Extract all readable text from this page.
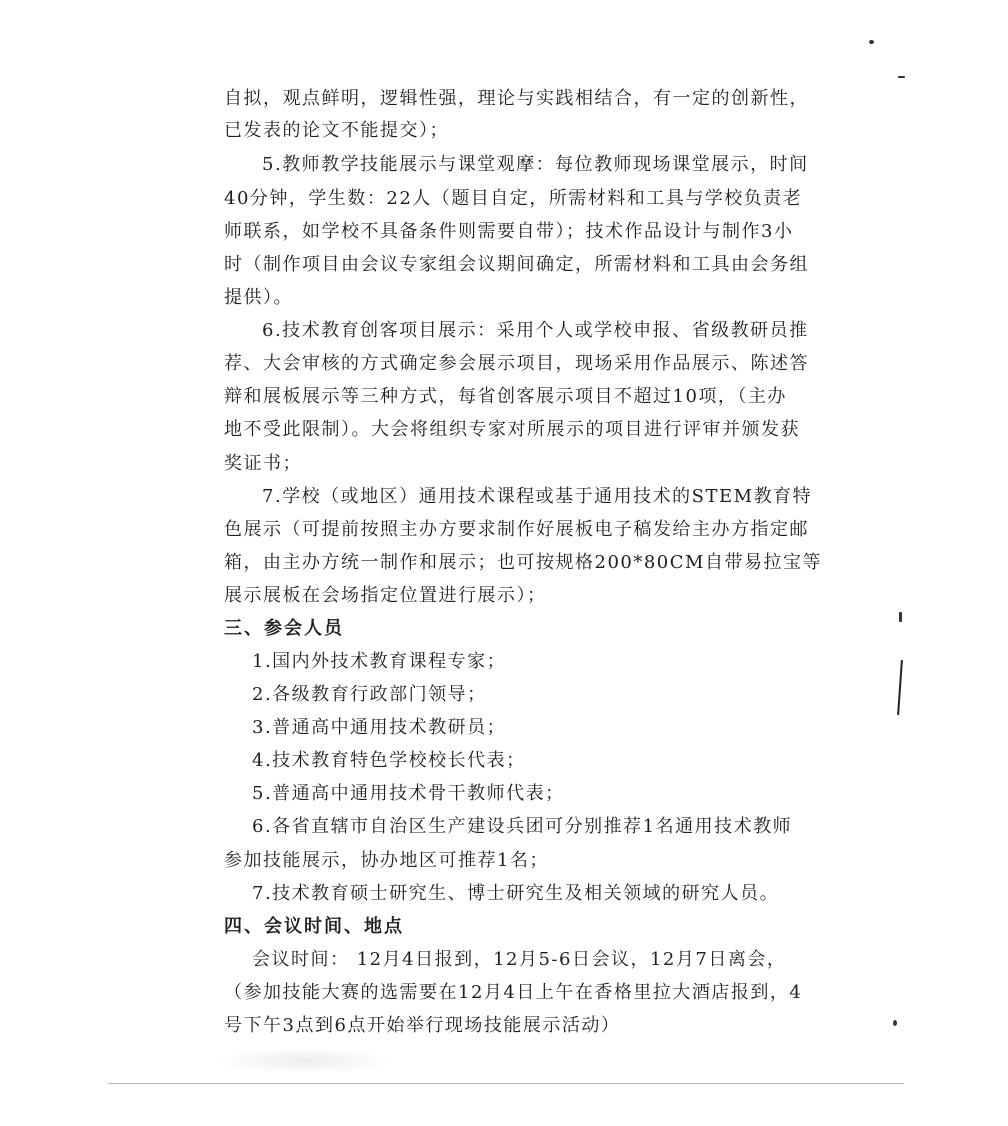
自拟，观点鲜明，逻辑性强，理论与实践相结合，有一定的创新性，
已发表的论文不能提交）；
5.教师教学技能展示与课堂观摩：每位教师现场课堂展示，时间
40分钟，学生数：22人（题目自定，所需材料和工具与学校负责老
师联系，如学校不具备条件则需要自带）；技术作品设计与制作3小
时（制作项目由会议专家组会议期间确定，所需材料和工具由会务组
提供）。
6.技术教育创客项目展示：采用个人或学校申报、省级教研员推
荐、大会审核的方式确定参会展示项目，现场采用作品展示、陈述答
辩和展板展示等三种方式，每省创客展示项目不超过10项，（主办
地不受此限制）。大会将组织专家对所展示的项目进行评审并颁发获
奖证书；
7.学校（或地区）通用技术课程或基于通用技术的STEM教育特
色展示（可提前按照主办方要求制作好展板电子稿发给主办方指定邮
箱，由主办方统一制作和展示；也可按规格200*80CM自带易拉宝等
展示展板在会场指定位置进行展示）；
三、参会人员
1.国内外技术教育课程专家；
2.各级教育行政部门领导；
3.普通高中通用技术教研员；
4.技术教育特色学校校长代表；
5.普通高中通用技术骨干教师代表；
6.各省直辖市自治区生产建设兵团可分别推荐1名通用技术教师
参加技能展示，协办地区可推荐1名；
7.技术教育硕士研究生、博士研究生及相关领域的研究人员。
四、会议时间、地点
会议时间： 12月4日报到，12月5-6日会议，12月7日离会，
（参加技能大赛的选需要在12月4日上午在香格里拉大酒店报到，4
号下午3点到6点开始举行现场技能展示活动）
